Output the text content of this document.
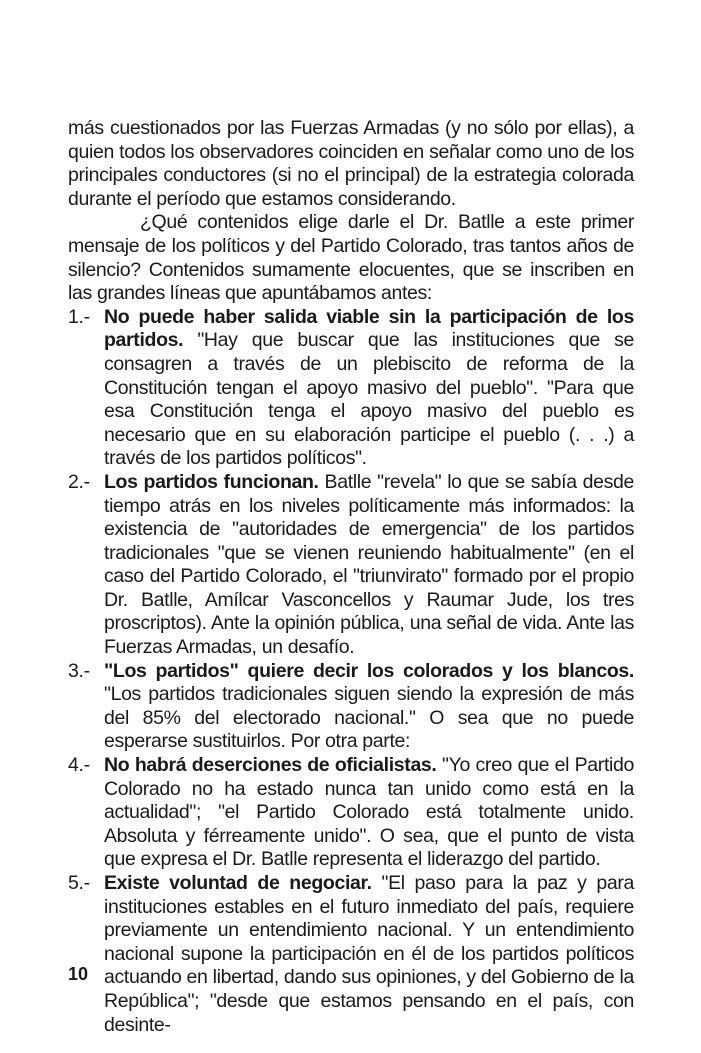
más cuestionados por las Fuerzas Armadas (y no sólo por ellas), a quien todos los observadores coinciden en señalar como uno de los principales conductores (si no el principal) de la estrategia colorada durante el período que estamos considerando.

¿Qué contenidos elige darle el Dr. Batlle a este primer mensaje de los políticos y del Partido Colorado, tras tantos años de silencio? Contenidos sumamente elocuentes, que se inscriben en las grandes líneas que apuntábamos antes:

1.- No puede haber salida viable sin la participación de los partidos. "Hay que buscar que las instituciones que se consagren a través de un plebiscito de reforma de la Constitución tengan el apoyo masivo del pueblo". "Para que esa Constitución tenga el apoyo masivo del pueblo es necesario que en su elaboración participe el pueblo (. . .) a través de los partidos políticos".

2.- Los partidos funcionan. Batlle "revela" lo que se sabía desde tiempo atrás en los niveles políticamente más informados: la existencia de "autoridades de emergencia" de los partidos tradicionales "que se vienen reuniendo habitualmente" (en el caso del Partido Colorado, el "triunvirato" formado por el propio Dr. Batlle, Amílcar Vasconcellos y Raumar Jude, los tres proscriptos). Ante la opinión pública, una señal de vida. Ante las Fuerzas Armadas, un desafío.

3.- "Los partidos" quiere decir los colorados y los blancos. "Los partidos tradicionales siguen siendo la expresión de más del 85% del electorado nacional." O sea que no puede esperarse sustituirlos. Por otra parte:

4.- No habrá deserciones de oficialistas. "Yo creo que el Partido Colorado no ha estado nunca tan unido como está en la actualidad"; "el Partido Colorado está totalmente unido. Absoluta y férreamente unido". O sea, que el punto de vista que expresa el Dr. Batlle representa el liderazgo del partido.

5.- Existe voluntad de negociar. "El paso para la paz y para instituciones estables en el futuro inmediato del país, requiere previamente un entendimiento nacional. Y un entendimiento nacional supone la participación en él de los partidos políticos actuando en libertad, dando sus opiniones, y del Gobierno de la República"; "desde que estamos pensando en el país, con desinte-

10
